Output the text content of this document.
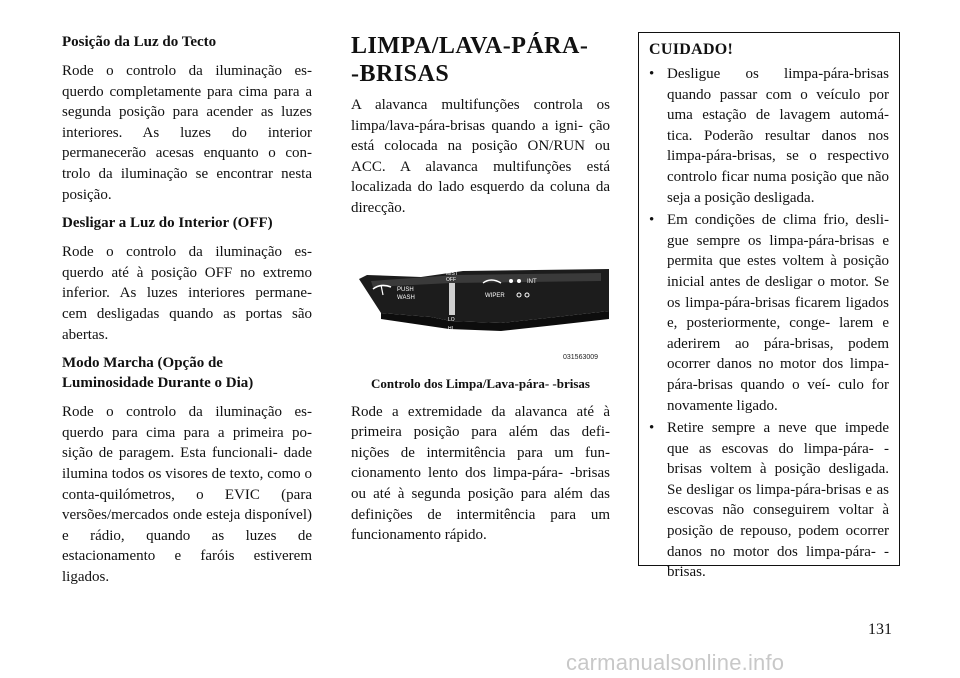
Posição da Luz do Tecto

Rode o controlo da iluminação es- querdo completamente para cima para a segunda posição para acender as luzes interiores. As luzes do interior permanecerão acesas enquanto o con- trolo da iluminação se encontrar nesta posição.

Desligar a Luz do Interior (OFF)

Rode o controlo da iluminação es- querdo até à posição OFF no extremo inferior. As luzes interiores permane- cem desligadas quando as portas são abertas.

Modo Marcha (Opção de Luminosidade Durante o Dia)

Rode o controlo da iluminação es- querdo para cima para a primeira po- sição de paragem. Esta funcionali- dade ilumina todos os visores de texto, como o conta-quilómetros, o EVIC (para versões/mercados onde esteja disponível) e rádio, quando as luzes de estacionamento e faróis estiverem ligados.

LIMPA/LAVA-PÁRA-
-BRISAS

A alavanca multifunções controla os limpa/lava-pára-brisas quando a igni- ção está colocada na posição ON/RUN ou ACC. A alavanca multifunções está localizada do lado esquerdo da coluna da direcção.

PUSH
WASH
MIST
OFF
LO
HI
INT
WIPER
031563009
Controlo dos Limpa/Lava-pára- -brisas

Rode a extremidade da alavanca até à primeira posição para além das defi- nições de intermitência para um fun- cionamento lento dos limpa-pára- -brisas ou até à segunda posição para além das definições de intermitência para um funcionamento rápido.

CUIDADO!
• Desligue os limpa-pára-brisas quando passar com o veículo por uma estação de lavagem automá- tica. Poderão resultar danos nos limpa-pára-brisas, se o respectivo controlo ficar numa posição que não seja a posição desligada.
• Em condições de clima frio, desli- gue sempre os limpa-pára-brisas e permita que estes voltem à posição inicial antes de desligar o motor. Se os limpa-pára-brisas ficarem ligados e, posteriormente, conge- larem e aderirem ao pára-brisas, podem ocorrer danos no motor dos limpa-pára-brisas quando o veí- culo for novamente ligado.
• Retire sempre a neve que impede que as escovas do limpa-pára- -brisas voltem à posição desligada. Se desligar os limpa-pára-brisas e as escovas não conseguirem voltar à posição de repouso, podem ocorrer danos no motor dos limpa-pára- -brisas.
131
carmanualsonline.info
